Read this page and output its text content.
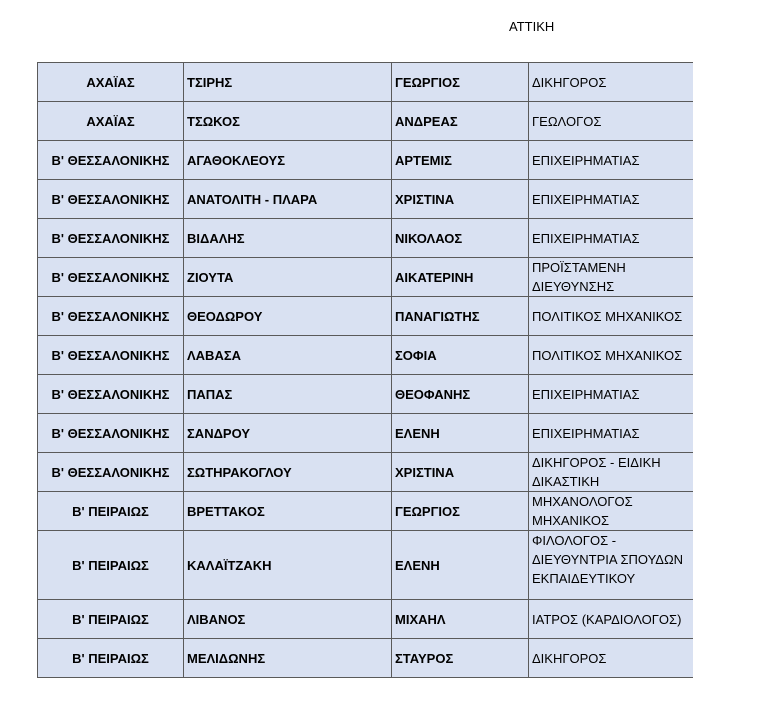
ΑΤΤΙΚΗ
ΑΧΑΪΑΣ	ΤΣΙΡΗΣ	ΓΕΩΡΓΙΟΣ	ΔΙΚΗΓΟΡΟΣ
ΑΧΑΪΑΣ	ΤΣΩΚΟΣ	ΑΝΔΡΕΑΣ	ΓΕΩΛΟΓΟΣ
Β' ΘΕΣΣΑΛΟΝΙΚΗΣ	ΑΓΑΘΟΚΛΕΟΥΣ	ΑΡΤΕΜΙΣ	ΕΠΙΧΕΙΡΗΜΑΤΙΑΣ
Β' ΘΕΣΣΑΛΟΝΙΚΗΣ	ΑΝΑΤΟΛΙΤΗ - ΠΛΑΡΑ	ΧΡΙΣΤΙΝΑ	ΕΠΙΧΕΙΡΗΜΑΤΙΑΣ
Β' ΘΕΣΣΑΛΟΝΙΚΗΣ	ΒΙΔΑΛΗΣ	ΝΙΚΟΛΑΟΣ	ΕΠΙΧΕΙΡΗΜΑΤΙΑΣ
Β' ΘΕΣΣΑΛΟΝΙΚΗΣ	ΖΙΟΥΤΑ	ΑΙΚΑΤΕΡΙΝΗ	ΠΡΟΪΣΤΑΜΕΝΗ ΔΙΕΥΘΥΝΣΗΣ
Β' ΘΕΣΣΑΛΟΝΙΚΗΣ	ΘΕΟΔΩΡΟΥ	ΠΑΝΑΓΙΩΤΗΣ	ΠΟΛΙΤΙΚΟΣ ΜΗΧΑΝΙΚΟΣ
Β' ΘΕΣΣΑΛΟΝΙΚΗΣ	ΛΑΒΑΣΑ	ΣΟΦΙΑ	ΠΟΛΙΤΙΚΟΣ ΜΗΧΑΝΙΚΟΣ
Β' ΘΕΣΣΑΛΟΝΙΚΗΣ	ΠΑΠΑΣ	ΘΕΟΦΑΝΗΣ	ΕΠΙΧΕΙΡΗΜΑΤΙΑΣ
Β' ΘΕΣΣΑΛΟΝΙΚΗΣ	ΣΑΝΔΡΟΥ	ΕΛΕΝΗ	ΕΠΙΧΕΙΡΗΜΑΤΙΑΣ
Β' ΘΕΣΣΑΛΟΝΙΚΗΣ	ΣΩΤΗΡΑΚΟΓΛΟΥ	ΧΡΙΣΤΙΝΑ	ΔΙΚΗΓΟΡΟΣ - ΕΙΔΙΚΗ ΔΙΚΑΣΤΙΚΗ
Β' ΠΕΙΡΑΙΩΣ	ΒΡΕΤΤΑΚΟΣ	ΓΕΩΡΓΙΟΣ	ΜΗΧΑΝΟΛΟΓΟΣ ΜΗΧΑΝΙΚΟΣ
Β' ΠΕΙΡΑΙΩΣ	ΚΑΛΑΪΤΖΑΚΗ	ΕΛΕΝΗ	ΦΙΛΟΛΟΓΟΣ - ΔΙΕΥΘΥΝΤΡΙΑ ΣΠΟΥΔΩΝ ΕΚΠΑΙΔΕΥΤΙΚΟΥ

Β' ΠΕΙΡΑΙΩΣ	ΛΙΒΑΝΟΣ	ΜΙΧΑΗΛ	ΙΑΤΡΟΣ (ΚΑΡΔΙΟΛΟΓΟΣ)
Β' ΠΕΙΡΑΙΩΣ	ΜΕΛΙΔΩΝΗΣ	ΣΤΑΥΡΟΣ	ΔΙΚΗΓΟΡΟΣ
